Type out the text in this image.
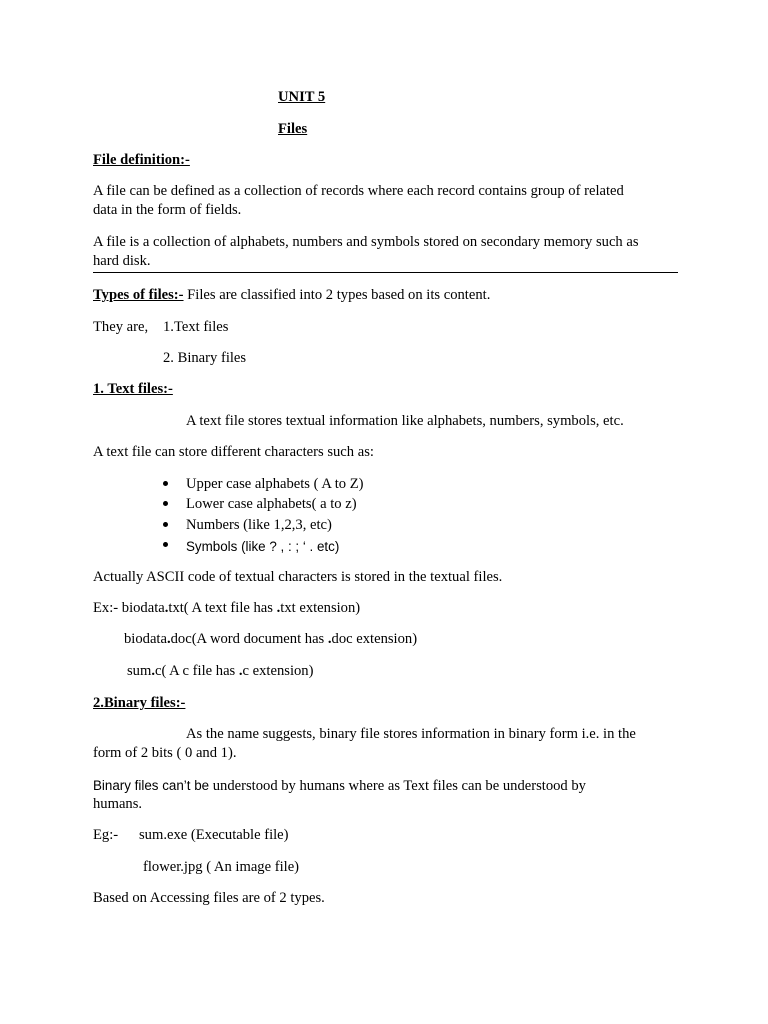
UNIT 5
Files
File definition:-
A file can be defined as a collection of records where each record contains group of related
data in the form of fields.
A file is a collection of alphabets, numbers and symbols stored on secondary memory such as
hard disk.
Types of files:- Files are classified into 2 types based on its content.
They are, 1.Text files
2. Binary files
1. Text files:-
A text file stores textual information like alphabets, numbers, symbols, etc.
A text file can store different characters such as:
Upper case alphabets ( A to Z)
Lower case alphabets( a to z)
Numbers (like 1,2,3, etc)
Symbols (like ? , : ; ‘ . etc)
Actually ASCII code of textual characters is stored in the textual files.
Ex:- biodata.txt( A text file has .txt extension)
biodata.doc(A word document has .doc extension)
sum.c( A c file has .c extension)
2.Binary files:-
As the name suggests, binary file stores information in binary form i.e. in the
form of 2 bits ( 0 and 1).
Binary files can’t be understood by humans where as Text files can be understood by
humans.
Eg:- sum.exe (Executable file)
flower.jpg ( An image file)
Based on Accessing files are of 2 types.
